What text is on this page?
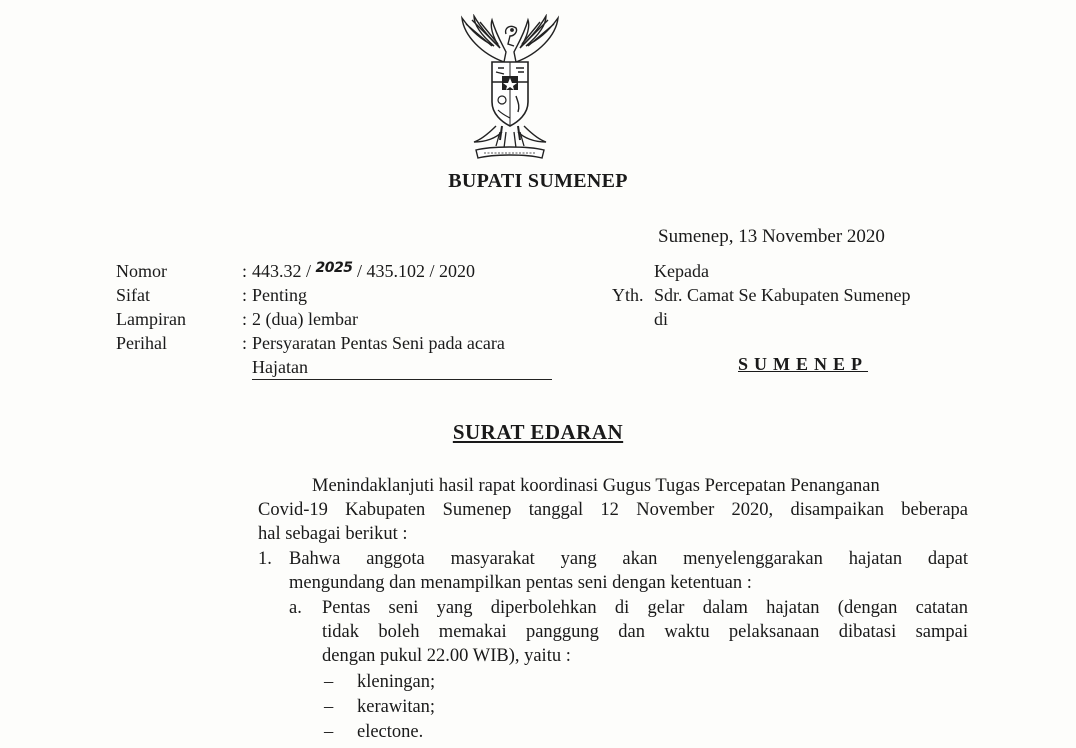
BUPATI SUMENEP
Sumenep, 13 November 2020
Nomor	: 443.32 / $^{2025}$ / 435.102 / 2020
Sifat	: Penting
Lampiran	: 2 (dua) lembar
Perihal	: Persyaratan Pentas Seni pada acara
Hajatan
Kepada
Yth. Sdr. Camat Se Kabupaten Sumenep
di
SUMENEP
SURAT EDARAN
Menindaklanjuti hasil rapat koordinasi Gugus Tugas Percepatan Penanganan
Covid-19 Kabupaten Sumenep tanggal 12 November 2020, disampaikan beberapa
hal sebagai berikut :
1. Bahwa anggota masyarakat yang akan menyelenggarakan hajatan dapat
mengundang dan menampilkan pentas seni dengan ketentuan :
a. Pentas seni yang diperbolehkan di gelar dalam hajatan (dengan catatan
tidak boleh memakai panggung dan waktu pelaksanaan dibatasi sampai
dengan pukul 22.00 WIB), yaitu :
– kleningan;
– kerawitan;
– electone.
